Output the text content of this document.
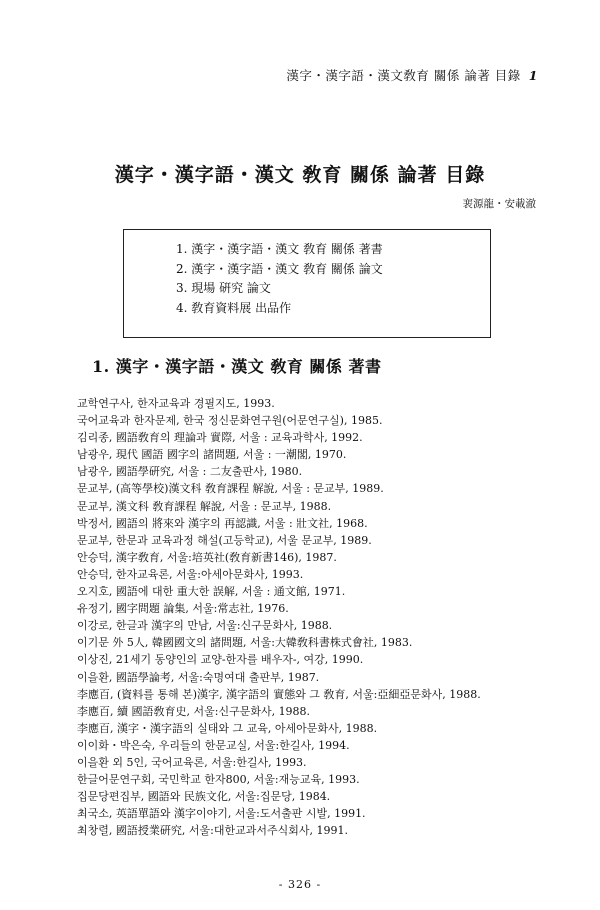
漢字・漢字語・漢文敎育 關係 論著 目錄 1
漢字・漢字語・漢文 敎育 關係 論著 目錄
裵源龍・安載澈
1. 漢字・漢字語・漢文 敎育 關係 著書
2. 漢字・漢字語・漢文 敎育 關係 論文
3. 現場 硏究 論文
4. 敎育資料展 出品作
1. 漢字・漢字語・漢文 敎育 關係 著書
교학연구사, 한자교육과 경필지도, 1993.
국어교육과 한자문제, 한국 정신문화연구원(어문연구실), 1985.
김리종, 國語敎育의 理論과 實際, 서울 : 교육과학사, 1992.
남광우, 現代 國語 國字의 諸問題, 서울 : 一潮閣, 1970.
남광우, 國語學硏究, 서울 : 二友출판사, 1980.
문교부, (高等學校)漢文科 敎育課程 解說, 서울 : 문교부, 1989.
문교부, 漢文科 敎育課程 解說, 서울 : 문교부, 1988.
박정서, 國語의 將來와 漢字의 再認識, 서울 : 壯文社, 1968.
문교부, 한문과 교육과정 해설(고등학교), 서울 문교부, 1989.
안승덕, 漢字敎育, 서울:培英社(敎育新書146), 1987.
안승덕, 한자교육론, 서울:아세아문화사, 1993.
오지호, 國語에 대한 重大한 誤解, 서울 : 通文館, 1971.
유정기, 國字問題 論集, 서울:常志社, 1976.
이강로, 한글과 漢字의 만남, 서울:신구문화사, 1988.
이기문 外 5人, 韓國國文의 諸問題, 서울:大韓敎科書株式會社, 1983.
이상진, 21세기 동양인의 교양-한자를 배우자-, 여강, 1990.
이을환, 國語學論考, 서울:숙명여대 출판부, 1987.
李應百, (資料를 통해 본)漢字, 漢字語의 實態와 그 敎育, 서울:亞細亞문화사, 1988.
李應百, 續 國語敎育史, 서울:신구문화사, 1988.
李應百, 漢字・漢字語의 실태와 그 교육, 아세아문화사, 1988.
이이화・박은숙, 우리들의 한문교실, 서울:한길사, 1994.
이을환 외 5인, 국어교육론, 서울:한길사, 1993.
한글어문연구회, 국민학교 한자800, 서울:재능교육, 1993.
집문당편집부, 國語와 民族文化, 서울:집문당, 1984.
최국소, 英語單語와 漢字이야기, 서울:도서출판 시발, 1991.
최창렬, 國語授業硏究, 서울:대한교과서주식회사, 1991.
- 326 -
